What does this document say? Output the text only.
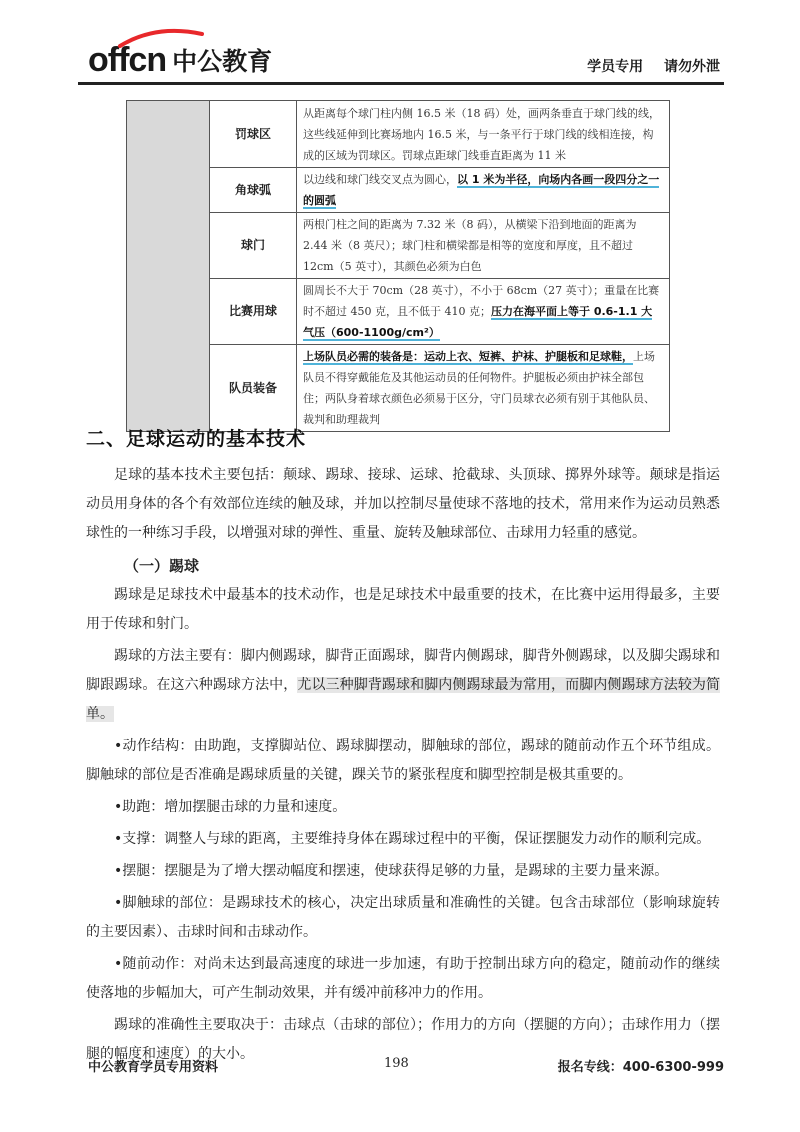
offcn 中公教育	学员专用 请勿外泄
	罚球区	从距离每个球门柱内侧 16.5 米（18 码）处，画两条垂直于球门线的线，这些线延伸到比赛场地内 16.5 米，与一条平行于球门线的线相连接，构成的区域为罚球区。罚球点距球门线垂直距离为 11 米
	角球弧	以边线和球门线交叉点为圆心，以 1 米为半径，向场内各画一段四分之一的圆弧
	球门	两根门柱之间的距离为 7.32 米（8 码），从横梁下沿到地面的距离为 2.44 米（8 英尺）；球门柱和横梁都是相等的宽度和厚度，且不超过 12cm（5 英寸），其颜色必须为白色
	比赛用球	圆周长不大于 70cm（28 英寸），不小于 68cm（27 英寸）；重量在比赛时不超过 450 克，且不低于 410 克；压力在海平面上等于 0.6-1.1 大气压（600-1100g/cm²）
	队员装备	上场队员必需的装备是：运动上衣、短裤、护袜、护腿板和足球鞋，上场队员不得穿戴能危及其他运动员的任何物件。护腿板必须由护袜全部包住；两队身着球衣颜色必须易于区分，守门员球衣必须有别于其他队员、裁判和助理裁判
二、足球运动的基本技术

足球的基本技术主要包括：颠球、踢球、接球、运球、抢截球、头顶球、掷界外球等。颠球是指运动员用身体的各个有效部位连续的触及球，并加以控制尽量使球不落地的技术，常用来作为运动员熟悉球性的一种练习手段，以增强对球的弹性、重量、旋转及触球部位、击球用力轻重的感觉。

（一）踢球

踢球是足球技术中最基本的技术动作，也是足球技术中最重要的技术，在比赛中运用得最多，主要用于传球和射门。

踢球的方法主要有：脚内侧踢球，脚背正面踢球，脚背内侧踢球，脚背外侧踢球，以及脚尖踢球和脚跟踢球。在这六种踢球方法中，尤以三种脚背踢球和脚内侧踢球最为常用，而脚内侧踢球方法较为简单。

•动作结构：由助跑，支撑脚站位、踢球脚摆动，脚触球的部位，踢球的随前动作五个环节组成。脚触球的部位是否准确是踢球质量的关键，踝关节的紧张程度和脚型控制是极其重要的。

•助跑：增加摆腿击球的力量和速度。

•支撑：调整人与球的距离，主要维持身体在踢球过程中的平衡，保证摆腿发力动作的顺利完成。

•摆腿：摆腿是为了增大摆动幅度和摆速，使球获得足够的力量，是踢球的主要力量来源。

•脚触球的部位：是踢球技术的核心，决定出球质量和准确性的关键。包含击球部位（影响球旋转的主要因素）、击球时间和击球动作。

•随前动作：对尚未达到最高速度的球进一步加速，有助于控制出球方向的稳定，随前动作的继续使落地的步幅加大，可产生制动效果，并有缓冲前移冲力的作用。

踢球的准确性主要取决于：击球点（击球的部位）；作用力的方向（摆腿的方向）；击球作用力（摆腿的幅度和速度）的大小。

中公教育学员专用资料	198	报名专线：400-6300-999
